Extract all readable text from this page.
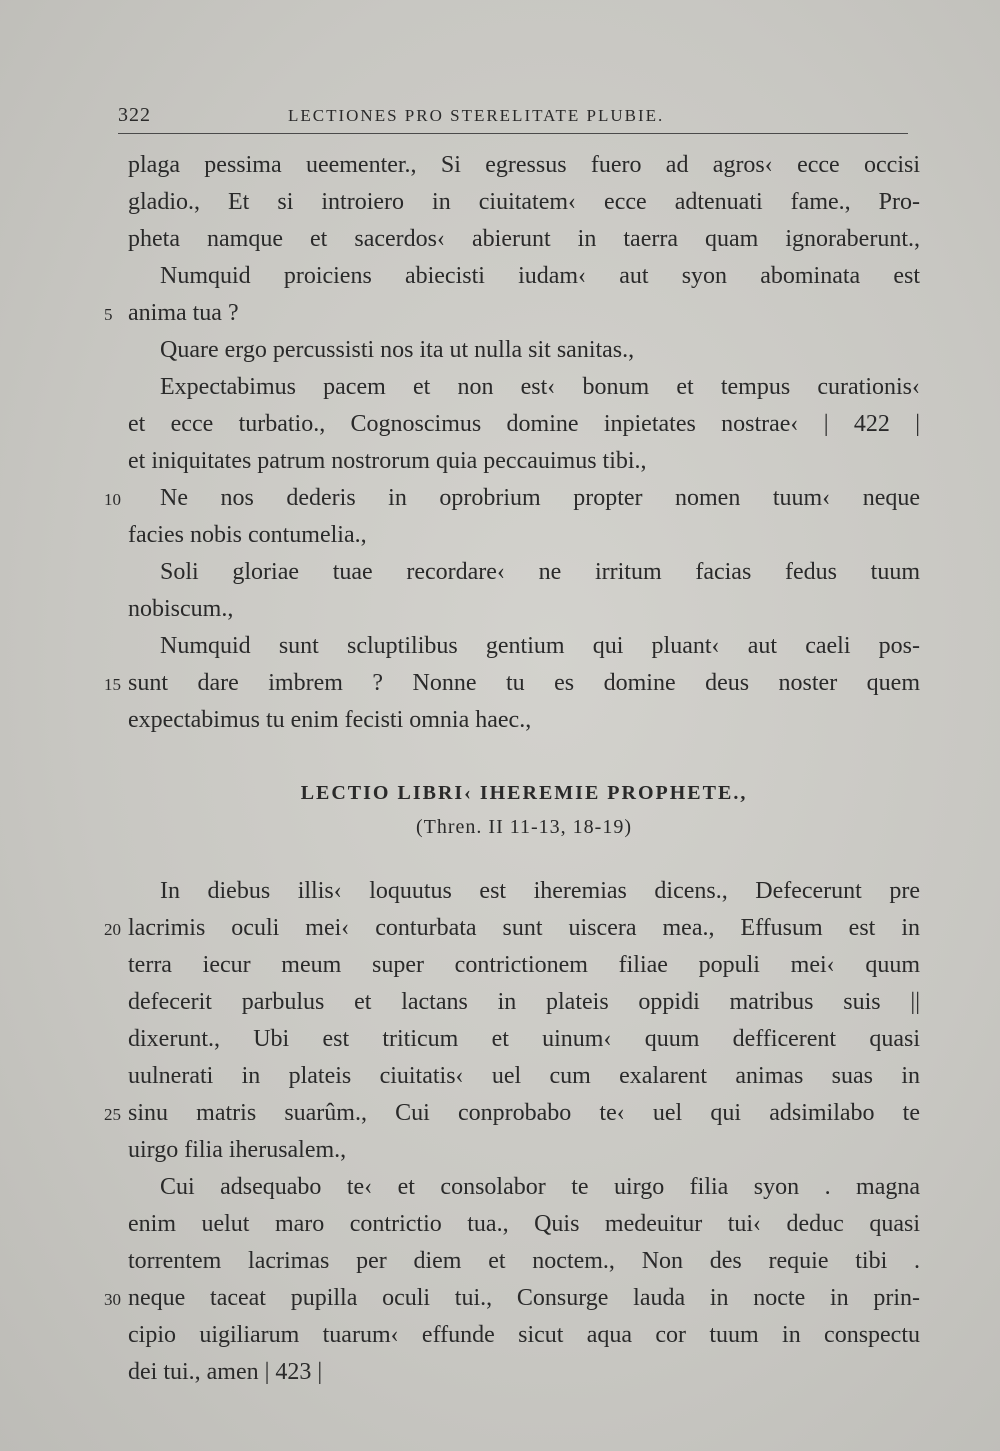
322	LECTIONES PRO STERELITATE PLUBIE.
plaga pessima ueementer., Si egressus fuero ad agros‹ ecce occisi
gladio., Et si introiero in ciuitatem‹ ecce adtenuati fame., Pro-
pheta namque et sacerdos‹ abierunt in taerra quam ignoraberunt.,
Numquid proiciens abiecisti iudam‹ aut syon abominata est
anima tua ?
5
Quare ergo percussisti nos ita ut nulla sit sanitas.,
Expectabimus pacem et non est‹ bonum et tempus curationis‹
et ecce turbatio., Cognoscimus domine inpietates nostrae‹ | 422 |
et iniquitates patrum nostrorum quia peccauimus tibi.,
Ne nos dederis in oprobrium propter nomen tuum‹ neque
10
facies nobis contumelia.,
Soli gloriae tuae recordare‹ ne irritum facias fedus tuum
nobiscum.,
Numquid sunt scluptilibus gentium qui pluant‹ aut caeli pos-
sunt dare imbrem ? Nonne tu es domine deus noster quem
15
expectabimus tu enim fecisti omnia haec.,
LECTIO LIBRI‹ IHEREMIE PROPHETE.,
(Thren. II 11-13, 18-19)
In diebus illis‹ loquutus est iheremias dicens., Defecerunt pre
lacrimis oculi mei‹ conturbata sunt uiscera mea., Effusum est in
20
terra iecur meum super contrictionem filiae populi mei‹ quum
defecerit parbulus et lactans in plateis oppidi matribus suis ||
dixerunt., Ubi est triticum et uinum‹ quum defficerent quasi
uulnerati in plateis ciuitatis‹ uel cum exalarent animas suas in
sinu matris suarûm., Cui conprobabo te‹ uel qui adsimilabo te
25
uirgo filia iherusalem.,
Cui adsequabo te‹ et consolabor te uirgo filia syon . magna
enim uelut maro contrictio tua., Quis medeuitur tui‹ deduc quasi
torrentem lacrimas per diem et noctem., Non des requie tibi .
neque taceat pupilla oculi tui., Consurge lauda in nocte in prin-
30
cipio uigiliarum tuarum‹ effunde sicut aqua cor tuum in conspectu
dei tui., amen | 423 |
